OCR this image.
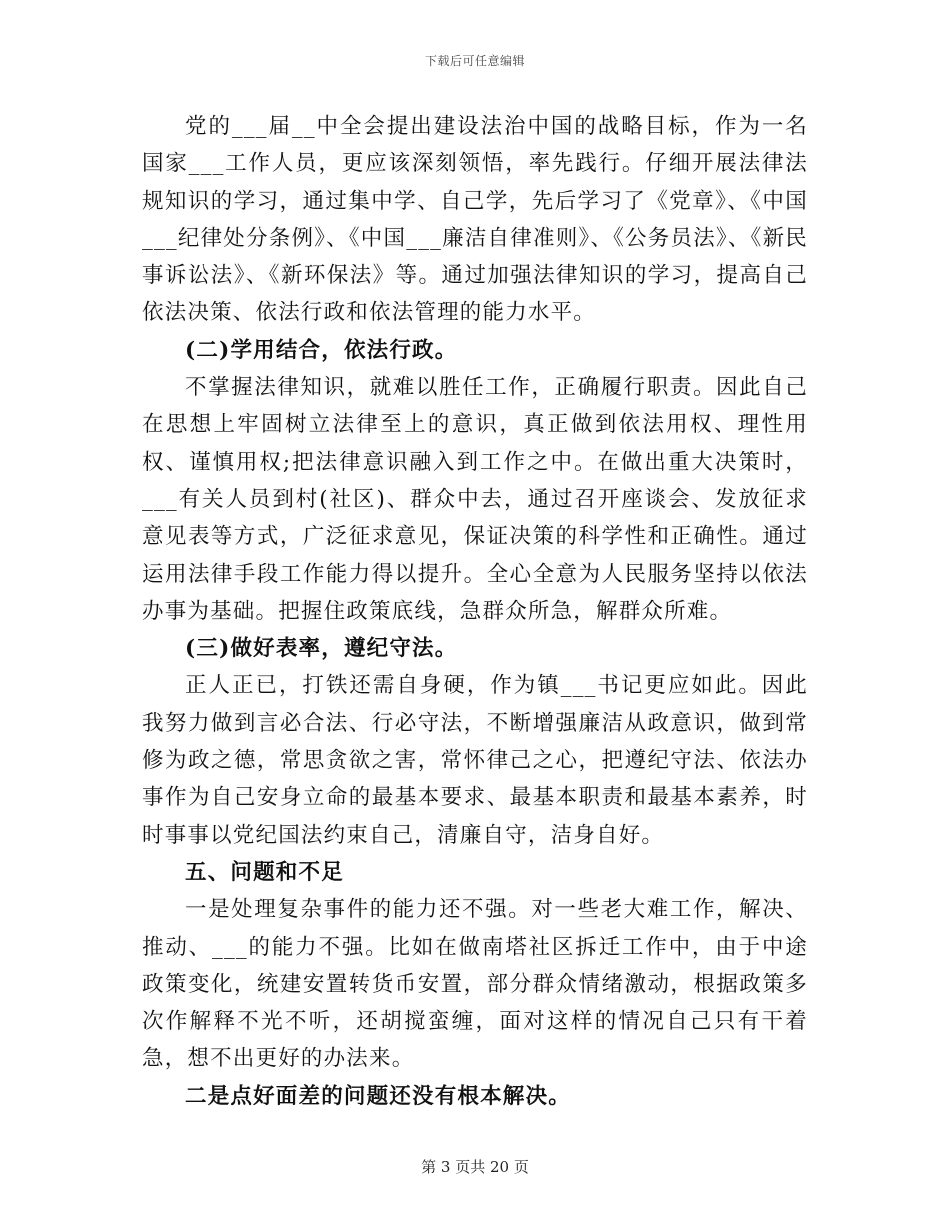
下载后可任意编辑

党的___届__中全会提出建设法治中国的战略目标，作为一名国家___工作人员，更应该深刻领悟，率先践行。仔细开展法律法规知识的学习，通过集中学、自己学，先后学习了《党章》、《中国___纪律处分条例》、《中国___廉洁自律准则》、《公务员法》、《新民事诉讼法》、《新环保法》等。通过加强法律知识的学习，提高自己依法决策、依法行政和依法管理的能力水平。

(二)学用结合，依法行政。

不掌握法律知识，就难以胜任工作，正确履行职责。因此自己在思想上牢固树立法律至上的意识，真正做到依法用权、理性用权、谨慎用权;把法律意识融入到工作之中。在做出重大决策时，___有关人员到村(社区)、群众中去，通过召开座谈会、发放征求意见表等方式，广泛征求意见，保证决策的科学性和正确性。通过运用法律手段工作能力得以提升。全心全意为人民服务坚持以依法办事为基础。把握住政策底线，急群众所急，解群众所难。

(三)做好表率，遵纪守法。

正人正已，打铁还需自身硬，作为镇___书记更应如此。因此我努力做到言必合法、行必守法，不断增强廉洁从政意识，做到常修为政之德，常思贪欲之害，常怀律己之心，把遵纪守法、依法办事作为自己安身立命的最基本要求、最基本职责和最基本素养，时时事事以党纪国法约束自己，清廉自守，洁身自好。

五、问题和不足

一是处理复杂事件的能力还不强。对一些老大难工作，解决、推动、___的能力不强。比如在做南塔社区拆迁工作中，由于中途政策变化，统建安置转货币安置，部分群众情绪激动，根据政策多次作解释不光不听，还胡搅蛮缠，面对这样的情况自己只有干着急，想不出更好的办法来。

二是点好面差的问题还没有根本解决。

第 3 页共 20 页
